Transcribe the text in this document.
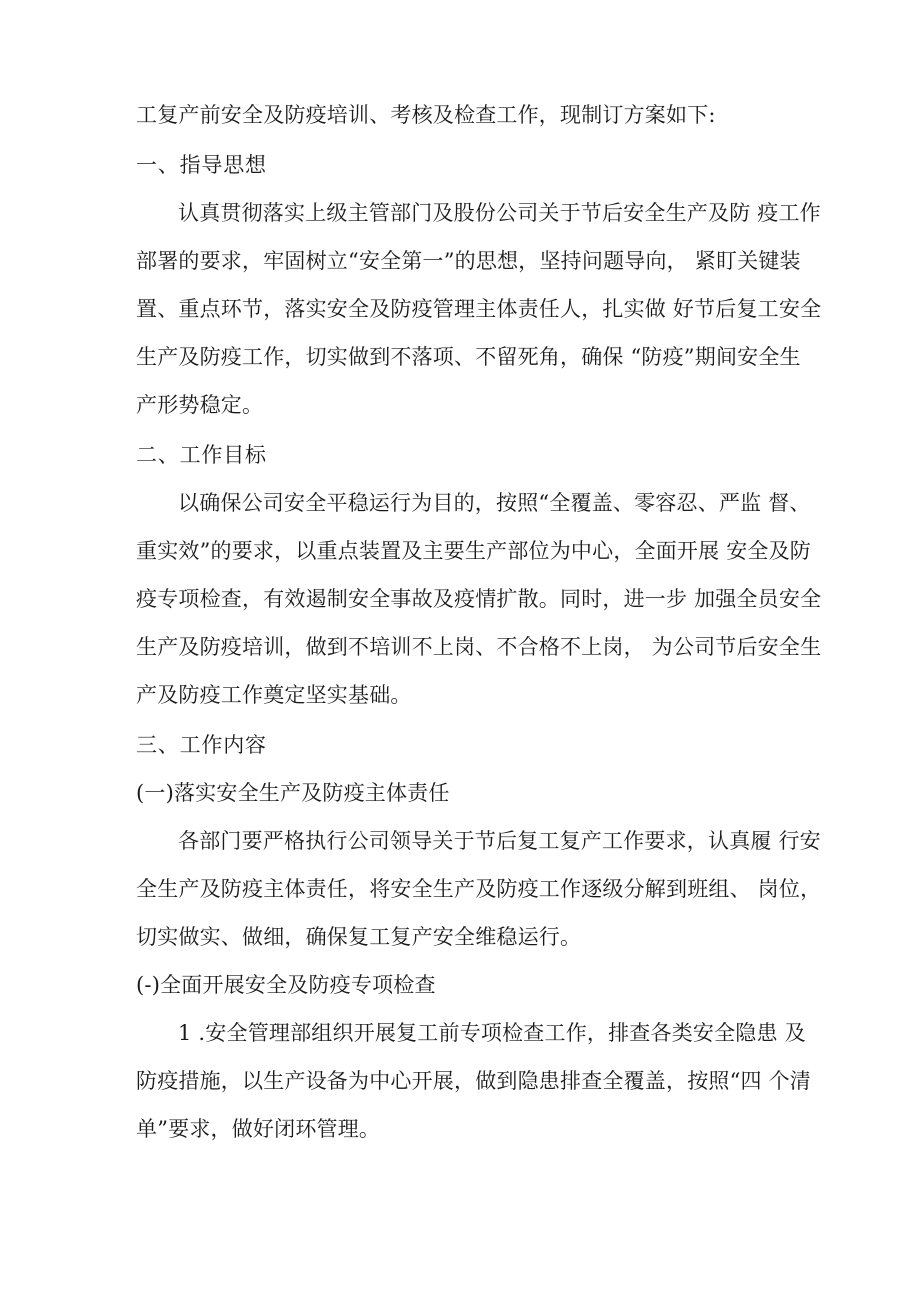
工复产前安全及防疫培训、考核及检查工作，现制订方案如下:
一、指导思想
认真贯彻落实上级主管部门及股份公司关于节后安全生产及防 疫工作
部署的要求，牢固树立“安全第一”的思想，坚持问题导向， 紧盯关键装
置、重点环节，落实安全及防疫管理主体责任人，扎实做 好节后复工安全
生产及防疫工作，切实做到不落项、不留死角，确保 “防疫”期间安全生
产形势稳定。
二、工作目标
以确保公司安全平稳运行为目的，按照“全覆盖、零容忍、严监 督、
重实效”的要求，以重点装置及主要生产部位为中心，全面开展 安全及防
疫专项检查，有效遏制安全事故及疫情扩散。同时，进一步 加强全员安全
生产及防疫培训，做到不培训不上岗、不合格不上岗， 为公司节后安全生
产及防疫工作奠定坚实基础。
三、工作内容
(一)落实安全生产及防疫主体责任
各部门要严格执行公司领导关于节后复工复产工作要求，认真履 行安
全生产及防疫主体责任，将安全生产及防疫工作逐级分解到班组、 岗位，
切实做实、做细，确保复工复产安全维稳运行。
(-)全面开展安全及防疫专项检查
1 .安全管理部组织开展复工前专项检查工作，排查各类安全隐患 及
防疫措施，以生产设备为中心开展，做到隐患排查全覆盖，按照“四 个清
单”要求，做好闭环管理。
